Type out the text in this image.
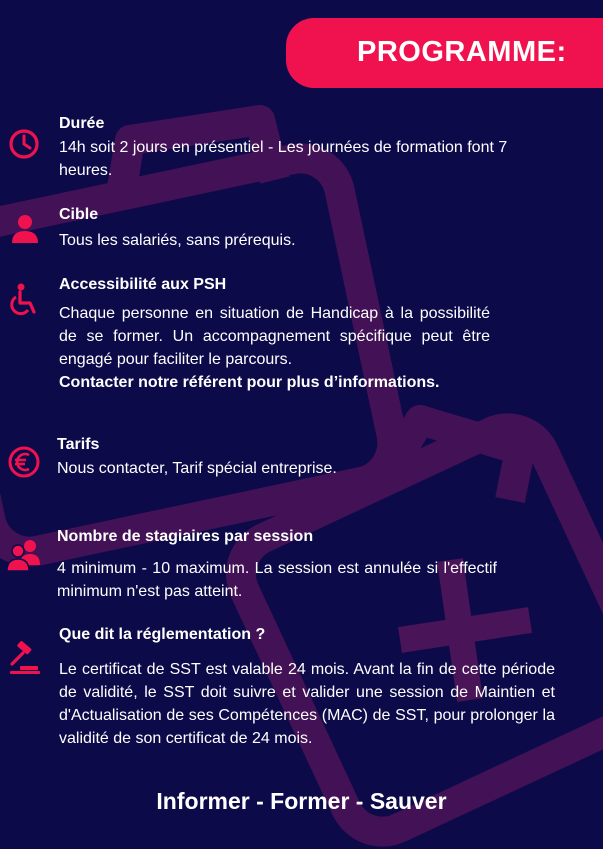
PROGRAMME:
Durée
14h soit 2 jours en présentiel - Les journées de formation font 7 heures.
Cible
Tous les salariés, sans prérequis.
Accessibilité aux PSH
Chaque personne en situation de Handicap à la possibilité de se former. Un accompagnement spécifique peut être engagé pour faciliter le parcours.
Contacter notre référent pour plus d’informations.
Tarifs
Nous contacter, Tarif spécial entreprise.
Nombre de stagiaires par session
4 minimum - 10 maximum. La session est annulée si l'effectif minimum n'est pas atteint.
Que dit la réglementation ?
Le certificat de SST est valable 24 mois. Avant la fin de cette période de validité, le SST doit suivre et valider une session de Maintien et d'Actualisation de ses Compétences (MAC) de SST, pour prolonger la validité de son certificat de 24 mois.
Informer - Former - Sauver
